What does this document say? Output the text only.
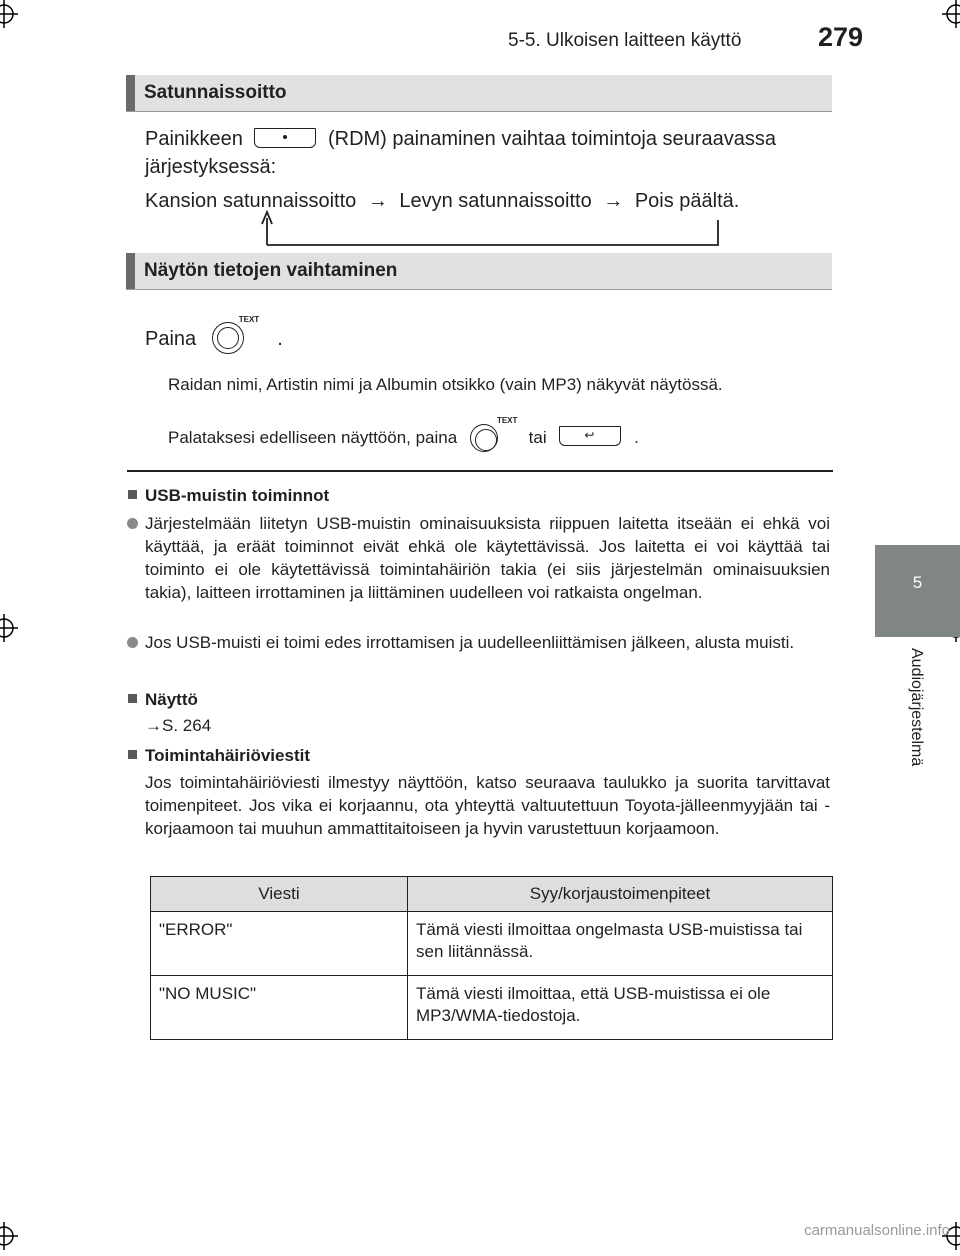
5-5. Ulkoisen laitteen käyttö	279
5
Audiojärjestelmä
Satunnaissoitto
Painikkeen	(RDM) painaminen vaihtaa toimintoja seuraavassa
järjestyksessä:
Kansion satunnaissoitto → Levyn satunnaissoitto → Pois päältä.
Näytön tietojen vaihtaminen
Paina
TEXT
.
Raidan nimi, Artistin nimi ja Albumin otsikko (vain MP3) näkyvät näytössä.
Palataksesi edelliseen näyttöön, paina
TEXT
tai	↩ .
USB-muistin toiminnot
Järjestelmään liitetyn USB-muistin ominaisuuksista riippuen laitetta itseään ei ehkä voi käyttää, ja eräät toiminnot eivät ehkä ole käytettävissä. Jos laitetta ei voi käyttää tai toiminto ei ole käytettävissä toimintahäiriön takia (ei siis järjestelmän ominaisuuksien takia), laitteen irrottaminen ja liittäminen uudelleen voi ratkaista ongelman.
Jos USB-muisti ei toimi edes irrottamisen ja uudelleenliittämisen jälkeen, alusta muisti.
Näyttö
→S. 264
Toimintahäiriöviestit
Jos toimintahäiriöviesti ilmestyy näyttöön, katso seuraava taulukko ja suorita tarvittavat toimenpiteet. Jos vika ei korjaannu, ota yhteyttä valtuutettuun Toyota-jälleenmyyjään tai -korjaamoon tai muuhun ammattitaitoiseen ja hyvin varustettuun korjaamoon.
Viesti	Syy/korjaustoimenpiteet
"ERROR"	Tämä viesti ilmoittaa ongelmasta USB-muistissa tai sen liitännässä.
"NO MUSIC"	Tämä viesti ilmoittaa, että USB-muistissa ei ole MP3/WMA-tiedostoja.
carmanualsonline.info
